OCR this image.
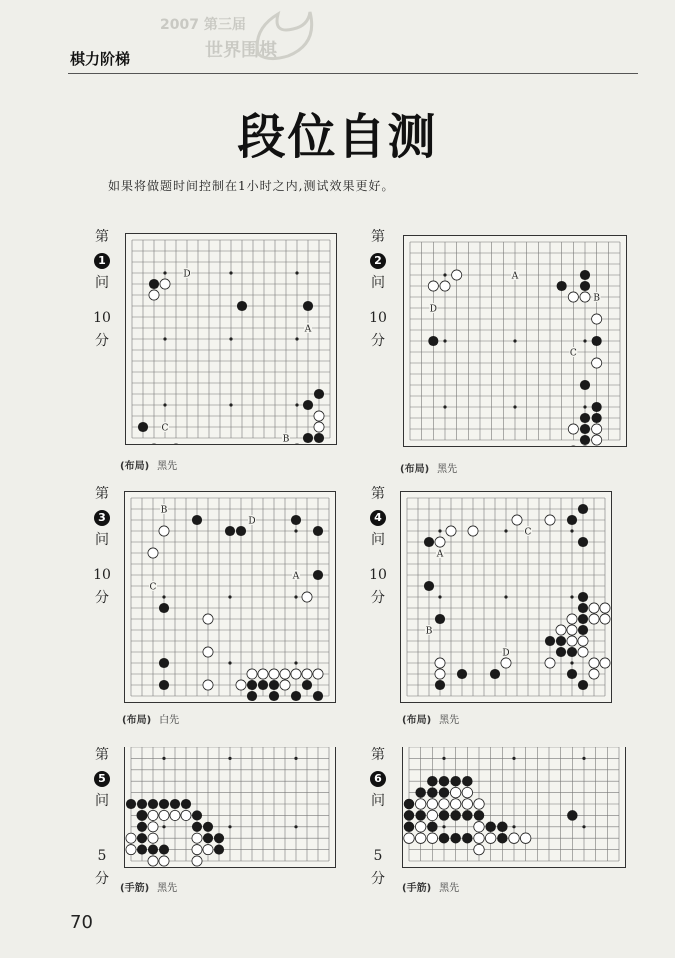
2007 第三届
世界围棋
棋力阶梯
段位自测
如果将做题时间控制在1小时之内,测试效果更好。
第
1
问
10
分
D
A
C
B
(布局) 黑先
第
2
问
10
分
A
B
D
C
(布局) 黑先
第
3
问
10
分
B
D
A
C
(布局) 白先
第
4
问
10
分
A
C
B
D
(布局) 黑先
第
5
问
5
分
(手筋) 黑先
第
6
问
5
分
(手筋) 黑先
70
